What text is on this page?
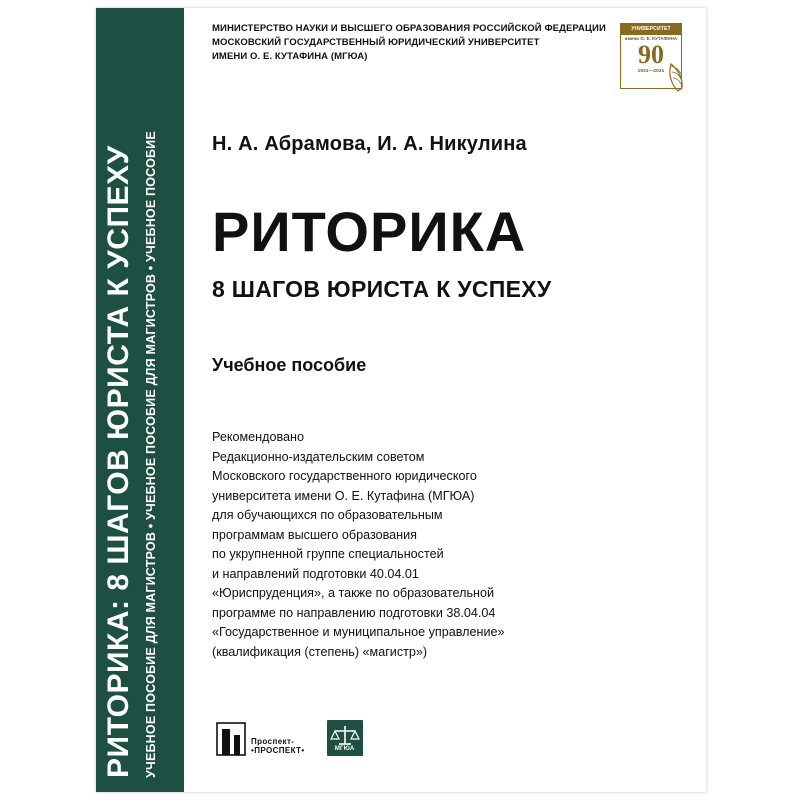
РИТОРИКА: 8 ШАГОВ ЮРИСТА К УСПЕХУ УЧЕБНОЕ ПОСОБИЕ ДЛЯ МАГИСТРОВ • УЧЕБНОЕ ПОСОБИЕ ДЛЯ МАГИСТРОВ • УЧЕБНОЕ ПОСОБИЕ
МИНИСТЕРСТВО НАУКИ И ВЫСШЕГО ОБРАЗОВАНИЯ РОССИЙСКОЙ ФЕДЕРАЦИИ
МОСКОВСКИЙ ГОСУДАРСТВЕННЫЙ ЮРИДИЧЕСКИЙ УНИВЕРСИТЕТ
ИМЕНИ О. Е. КУТАФИНА (МГЮА)
УНИВЕРСИТЕТ
имени О. Е. КУТАФИНА
90
1931—2021
Н. А. Абрамова, И. А. Никулина
РИТОРИКА
8 ШАГОВ ЮРИСТА К УСПЕХУ
Учебное пособие
Рекомендовано
Редакционно-издательским советом
Московского государственного юридического
университета имени О. Е. Кутафина (МГЮА)
для обучающихся по образовательным
программам высшего образования
по укрупненной группе специальностей
и направлений подготовки 40.04.01
«Юриспруденция», а также по образовательной
программе по направлению подготовки 38.04.04
«Государственное и муниципальное управление»
(квалификация (степень) «магистр»)
Проспект-
•ПРОСПЕКТ•	МГЮА
